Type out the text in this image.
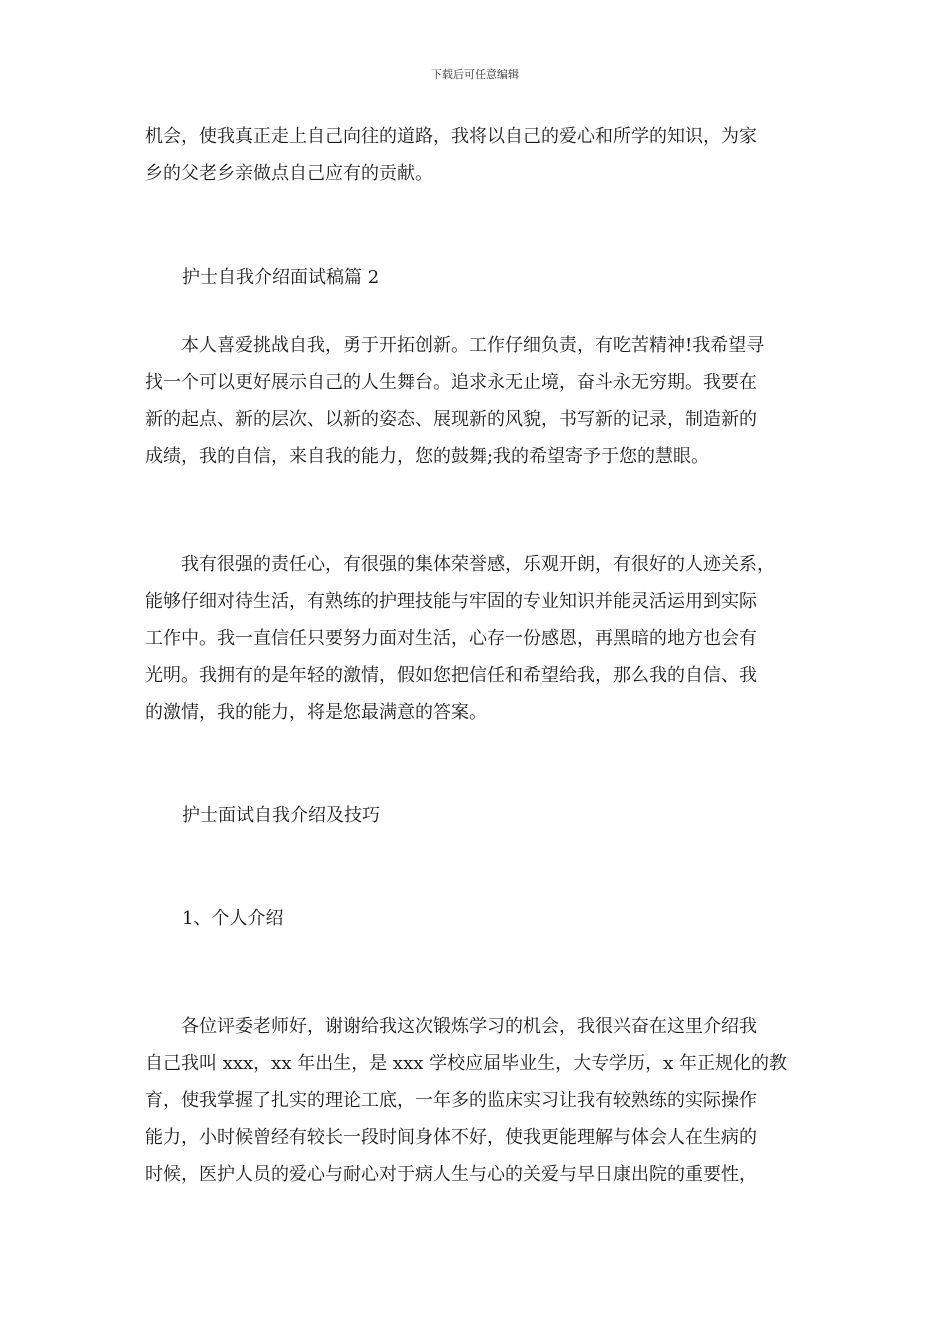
下载后可任意编辑
机会，使我真正走上自己向往的道路，我将以自己的爱心和所学的知识，为家
乡的父老乡亲做点自己应有的贡献。
护士自我介绍面试稿篇 2
　　本人喜爱挑战自我，勇于开拓创新。工作仔细负责，有吃苦精神!我希望寻
找一个可以更好展示自己的人生舞台。追求永无止境，奋斗永无穷期。我要在
新的起点、新的层次、以新的姿态、展现新的风貌，书写新的记录，制造新的
成绩，我的自信，来自我的能力，您的鼓舞;我的希望寄予于您的慧眼。
　　我有很强的责任心，有很强的集体荣誉感，乐观开朗，有很好的人迹关系，
能够仔细对待生活，有熟练的护理技能与牢固的专业知识并能灵活运用到实际
工作中。我一直信任只要努力面对生活，心存一份感恩，再黑暗的地方也会有
光明。我拥有的是年轻的激情，假如您把信任和希望给我，那么我的自信、我
的激情，我的能力，将是您最满意的答案。
护士面试自我介绍及技巧
1、个人介绍
　　各位评委老师好，谢谢给我这次锻炼学习的机会，我很兴奋在这里介绍我
自己我叫 xxx，xx 年出生，是 xxx 学校应届毕业生，大专学历，x 年正规化的教
育，使我掌握了扎实的理论工底，一年多的监床实习让我有较熟练的实际操作
能力，小时候曾经有较长一段时间身体不好，使我更能理解与体会人在生病的
时候，医护人员的爱心与耐心对于病人生与心的关爱与早日康出院的重要性，
